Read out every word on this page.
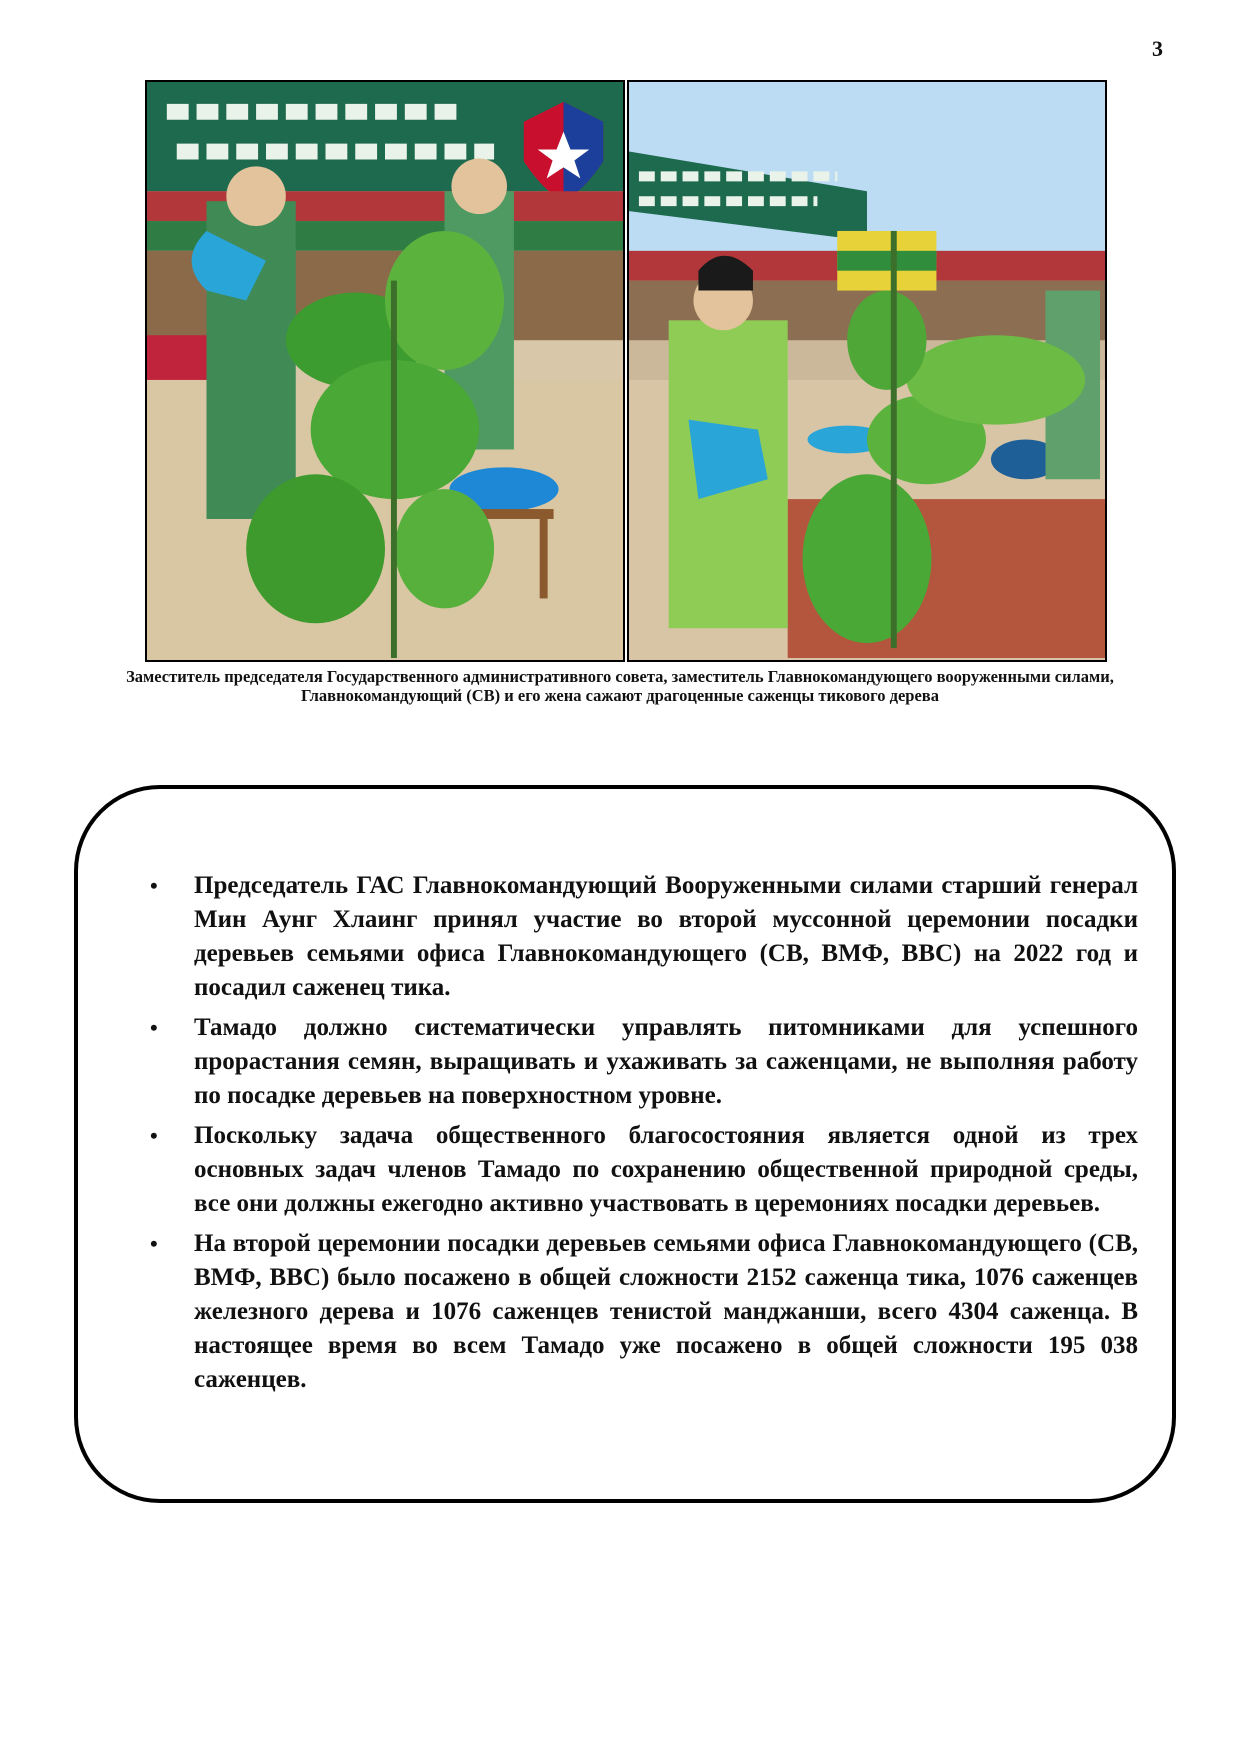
3
Заместитель председателя Государственного административного совета, заместитель Главнокомандующего вооруженными силами, Главнокомандующий (СВ) и его жена сажают драгоценные саженцы тикового дерева
• Председатель ГАС Главнокомандующий Вооруженными силами старший генерал Мин Аунг Хлаинг принял участие во второй муссонной церемонии посадки деревьев семьями офиса Главнокомандующего (СВ, ВМФ, ВВС) на 2022 год и посадил саженец тика.
• Тамадо должно систематически управлять питомниками для успешного прорастания семян, выращивать и ухаживать за саженцами, не выполняя работу по посадке деревьев на поверхностном уровне.
• Поскольку задача общественного благосостояния является одной из трех основных задач членов Тамадо по сохранению общественной природной среды, все они должны ежегодно активно участвовать в церемониях посадки деревьев.
• На второй церемонии посадки деревьев семьями офиса Главнокомандующего (СВ, ВМФ, ВВС) было посажено в общей сложности 2152 саженца тика, 1076 саженцев железного дерева и 1076 саженцев тенистой манджанши, всего 4304 саженца. В настоящее время во всем Тамадо уже посажено в общей сложности 195 038 саженцев.
